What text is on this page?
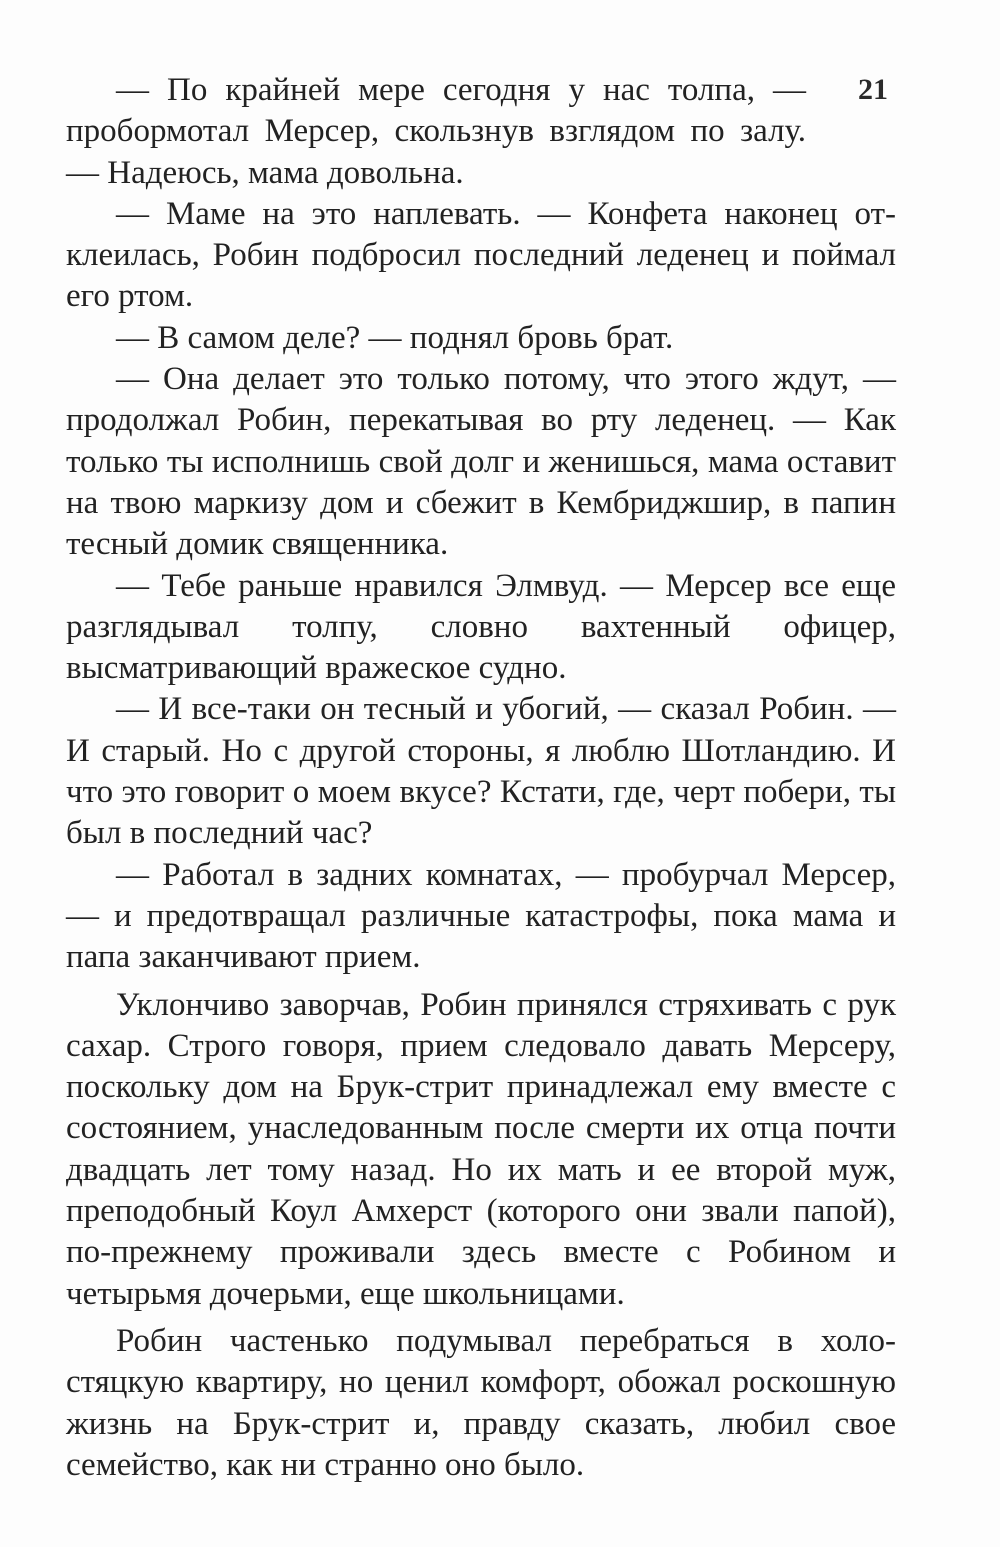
21

— По крайней мере сегодня у нас толпа, — пробормотал Мерсер, скользнув взглядом по залу. — Надеюсь, мама довольна.

— Маме на это наплевать. — Конфета наконец отклеилась, Робин подбросил последний леденец и поймал его ртом.

— В самом деле? — поднял бровь брат.

— Она делает это только потому, что этого ждут, — продолжал Робин, перекатывая во рту леденец. — Как только ты исполнишь свой долг и женишься, мама оставит на твою маркизу дом и сбежит в Кембриджшир, в папин тесный домик священника.

— Тебе раньше нравился Элмвуд. — Мерсер все еще разглядывал толпу, словно вахтенный офицер, высматривающий вражеское судно.

— И все-таки он тесный и убогий, — сказал Робин. — И старый. Но с другой стороны, я люблю Шотландию. И что это говорит о моем вкусе? Кстати, где, черт побери, ты был в последний час?

— Работал в задних комнатах, — пробурчал Мерсер, — и предотвращал различные катастрофы, пока мама и папа заканчивают прием.

Уклончиво заворчав, Робин принялся стряхивать с рук сахар. Строго говоря, прием следовало давать Мерсеру, поскольку дом на Брук-стрит принадлежал ему вместе с состоянием, унаследованным после смерти их отца почти двадцать лет тому назад. Но их мать и ее второй муж, преподобный Коул Амхерст (которого они звали папой), по-прежнему проживали здесь вместе с Робином и четырьмя дочерьми, еще школьницами.

Робин частенько подумывал перебраться в холостяцкую квартиру, но ценил комфорт, обожал роскошную жизнь на Брук-стрит и, правду сказать, любил свое семейство, как ни странно оно было.
